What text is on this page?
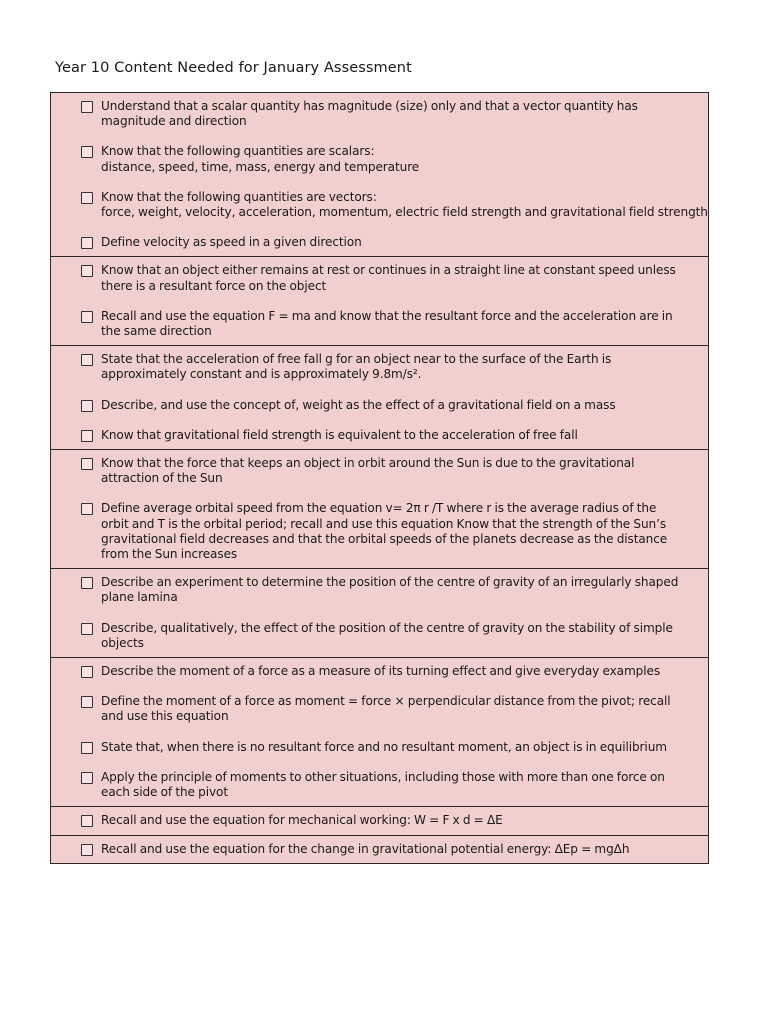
Year 10 Content Needed for January Assessment
Understand that a scalar quantity has magnitude (size) only and that a vector quantity has
magnitude and direction
Know that the following quantities are scalars:
distance, speed, time, mass, energy and temperature
Know that the following quantities are vectors:
force, weight, velocity, acceleration, momentum, electric field strength and gravitational field strength
Define velocity as speed in a given direction
Know that an object either remains at rest or continues in a straight line at constant speed unless
there is a resultant force on the object
Recall and use the equation F = ma and know that the resultant force and the acceleration are in
the same direction
State that the acceleration of free fall g for an object near to the surface of the Earth is
approximately constant and is approximately 9.8m/s².
Describe, and use the concept of, weight as the effect of a gravitational field on a mass
Know that gravitational field strength is equivalent to the acceleration of free fall
Know that the force that keeps an object in orbit around the Sun is due to the gravitational
attraction of the Sun
Define average orbital speed from the equation v= 2π r /T where r is the average radius of the
orbit and T is the orbital period; recall and use this equation Know that the strength of the Sun’s
gravitational field decreases and that the orbital speeds of the planets decrease as the distance
from the Sun increases
Describe an experiment to determine the position of the centre of gravity of an irregularly shaped
plane lamina
Describe, qualitatively, the effect of the position of the centre of gravity on the stability of simple
objects
Describe the moment of a force as a measure of its turning effect and give everyday examples
Define the moment of a force as moment = force × perpendicular distance from the pivot; recall
and use this equation
State that, when there is no resultant force and no resultant moment, an object is in equilibrium
Apply the principle of moments to other situations, including those with more than one force on
each side of the pivot
Recall and use the equation for mechanical working: W = F x d = ΔE
Recall and use the equation for the change in gravitational potential energy: ΔEp = mgΔh
